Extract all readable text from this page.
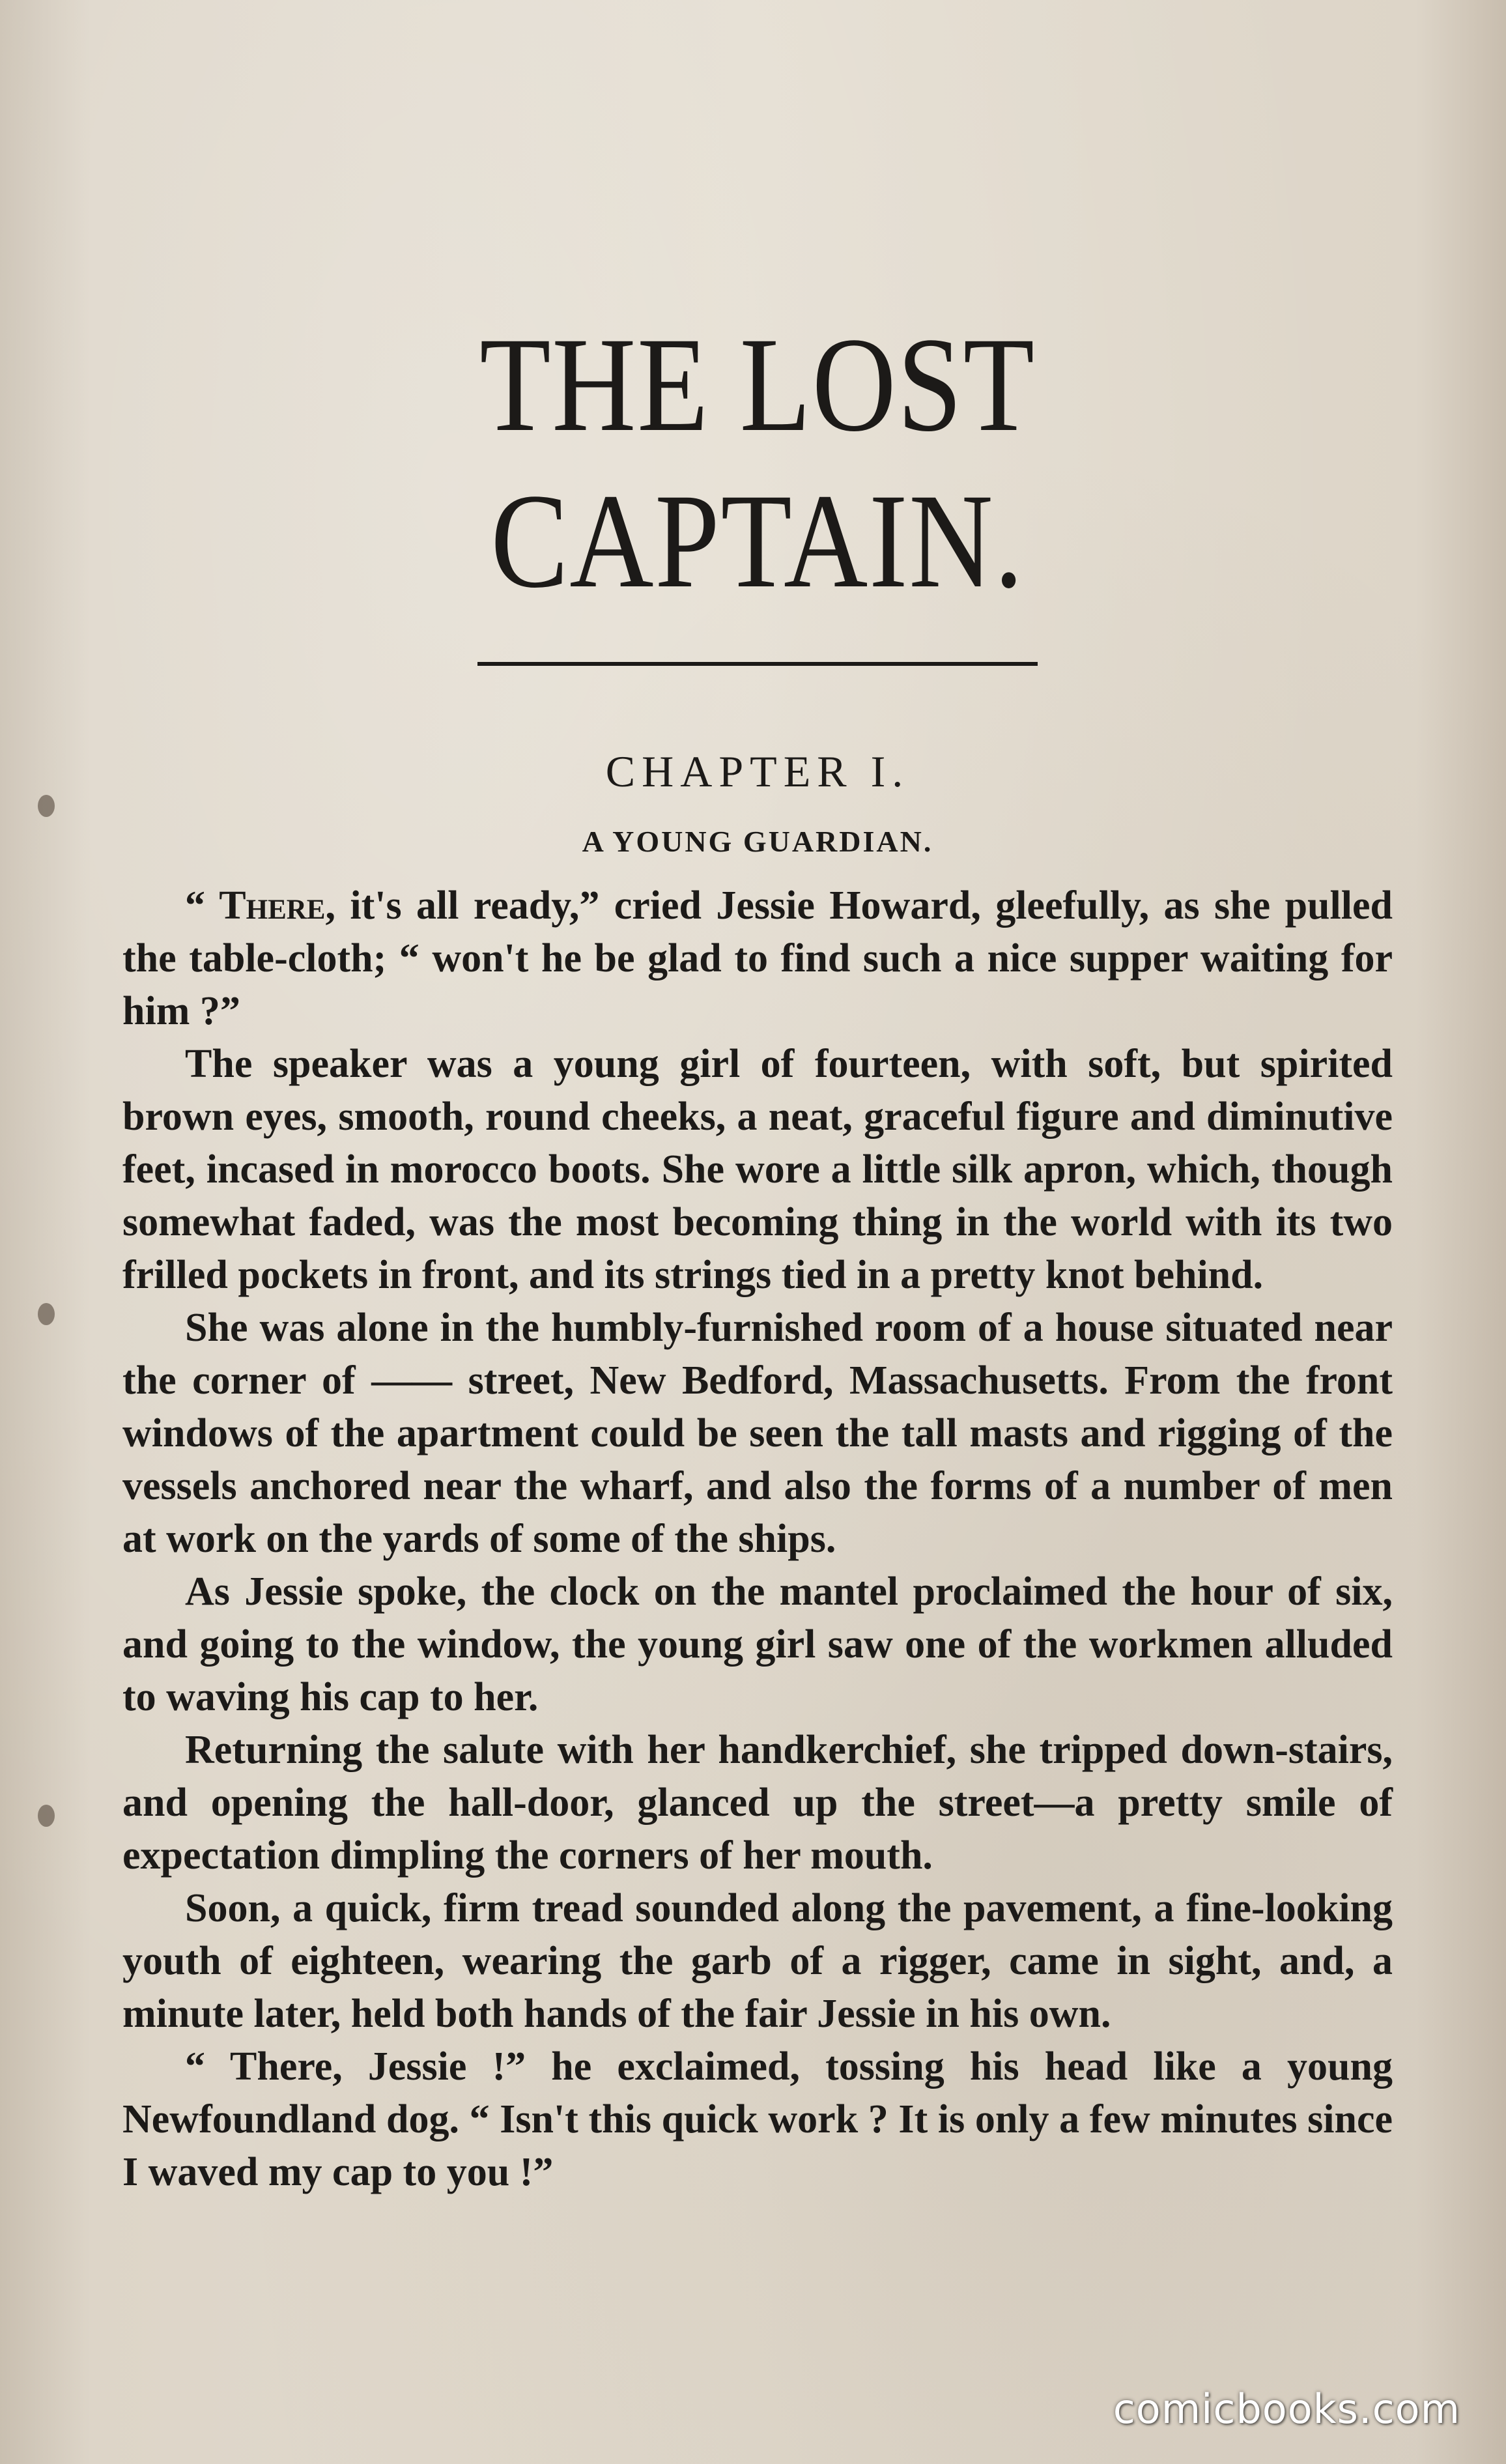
THE LOST CAPTAIN.
CHAPTER I.
A YOUNG GUARDIAN.

“ There, it's all ready,” cried Jessie Howard, gleefully, as she pulled the table-cloth; “ won't he be glad to find such a nice supper waiting for him ?”

The speaker was a young girl of fourteen, with soft, but spirited brown eyes, smooth, round cheeks, a neat, graceful figure and diminutive feet, incased in morocco boots. She wore a little silk apron, which, though somewhat faded, was the most becoming thing in the world with its two frilled pockets in front, and its strings tied in a pretty knot behind.

She was alone in the humbly-furnished room of a house situated near the corner of —— street, New Bedford, Massachusetts. From the front windows of the apartment could be seen the tall masts and rigging of the vessels anchored near the wharf, and also the forms of a number of men at work on the yards of some of the ships.

As Jessie spoke, the clock on the mantel proclaimed the hour of six, and going to the window, the young girl saw one of the workmen alluded to waving his cap to her.

Returning the salute with her handkerchief, she tripped down-stairs, and opening the hall-door, glanced up the street—a pretty smile of expectation dimpling the corners of her mouth.

Soon, a quick, firm tread sounded along the pavement, a fine-looking youth of eighteen, wearing the garb of a rigger, came in sight, and, a minute later, held both hands of the fair Jessie in his own.

“ There, Jessie !” he exclaimed, tossing his head like a young Newfoundland dog. “ Isn't this quick work ? It is only a few minutes since I waved my cap to you !”

comicbooks.com
